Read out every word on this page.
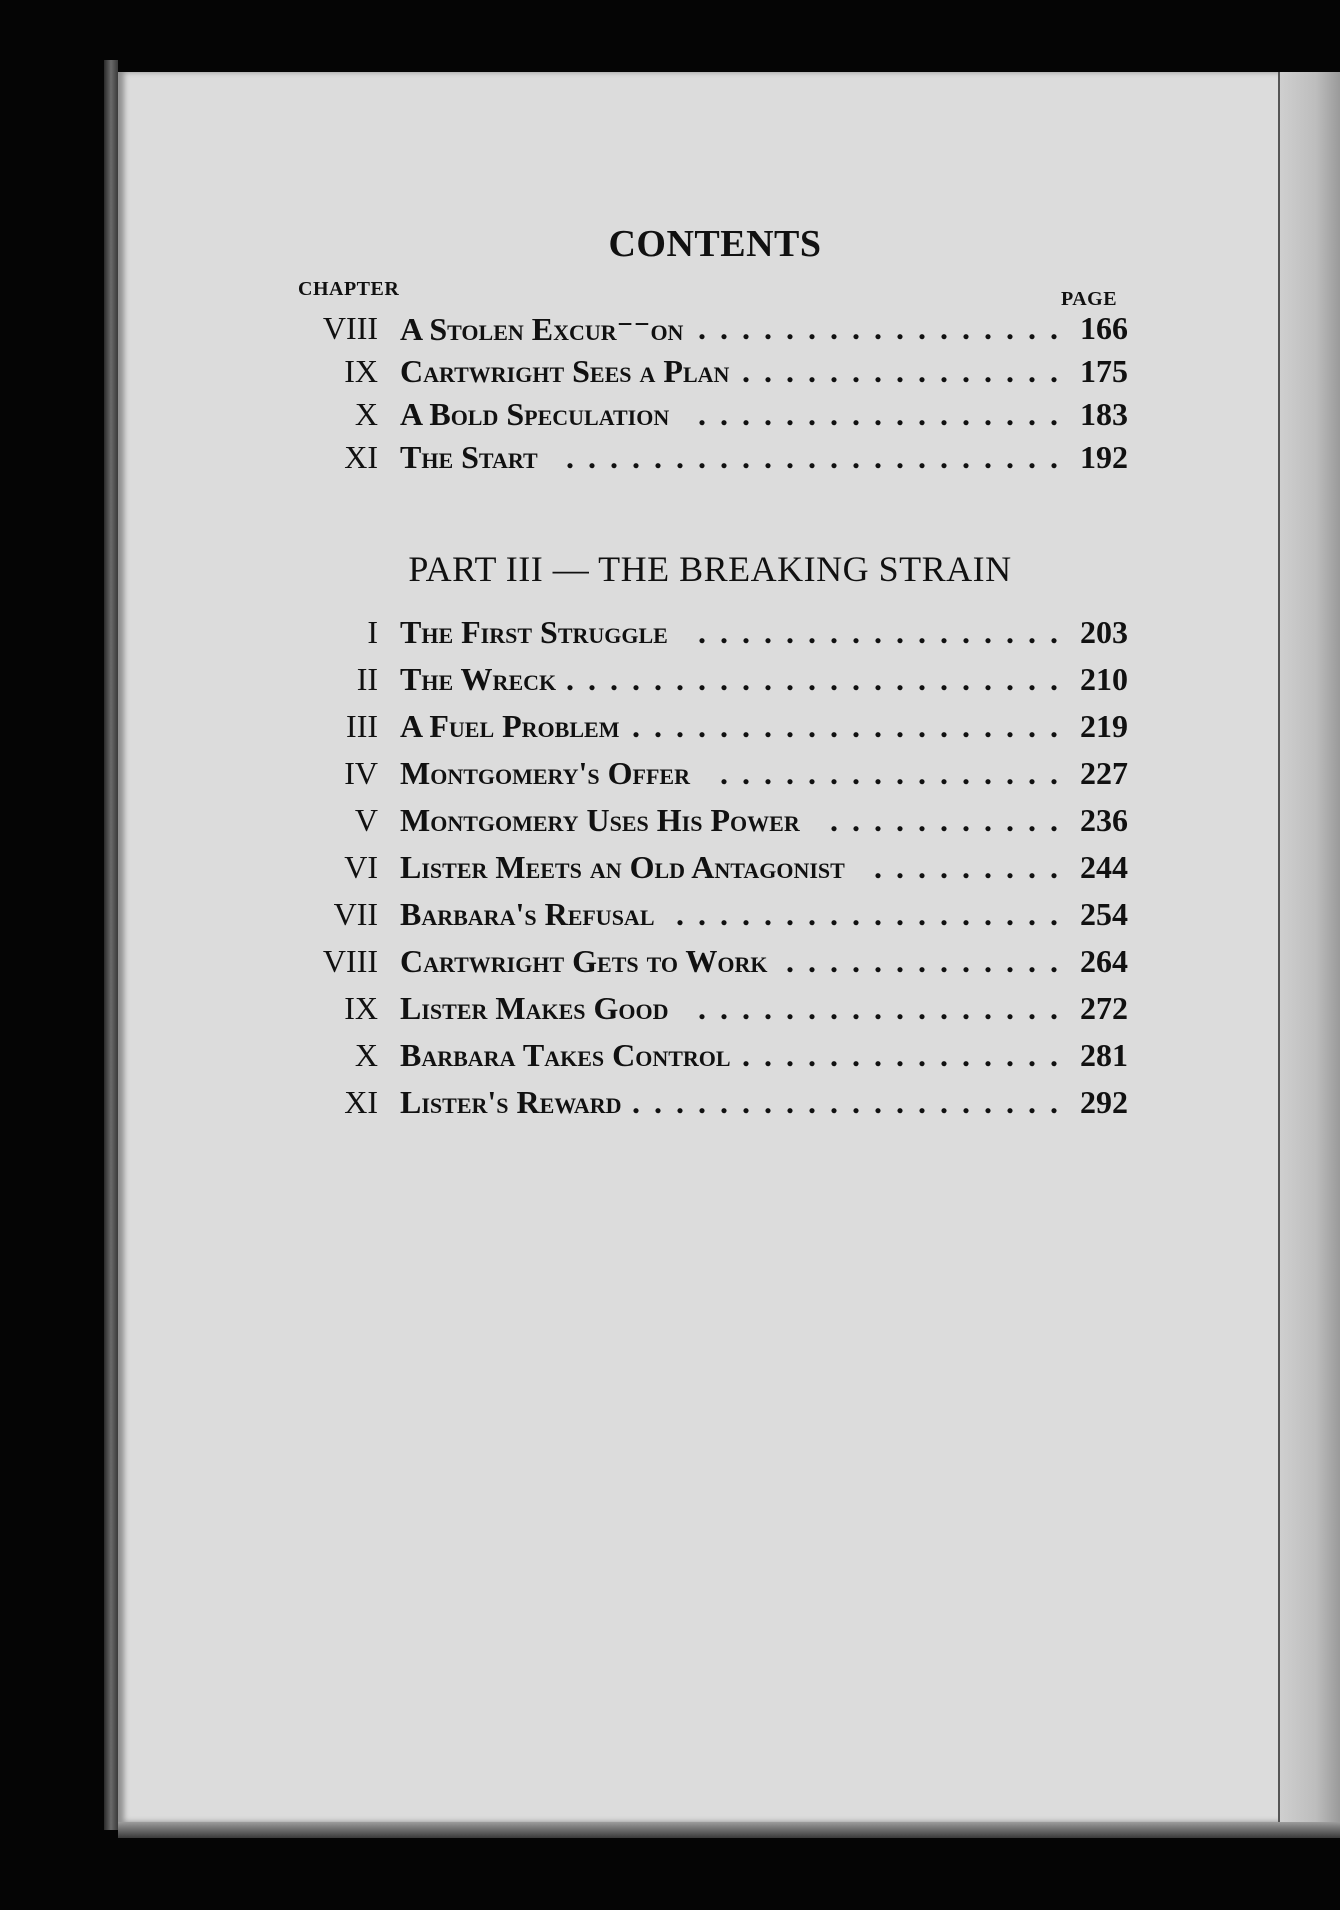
CONTENTS
CHAPTER	PAGE
VIII A Stolen Excur⁻⁻on ................. 166
IX Cartwright Sees a Plan ............... 175
X A Bold Speculation ................. 183
XI The Start ....................... 192
PART III — THE BREAKING STRAIN
I The First Struggle ................. 203
II The Wreck ....................... 210
III A Fuel Problem .................... 219
IV Montgomery's Offer ................ 227
V Montgomery Uses His Power ........... 236
VI Lister Meets an Old Antagonist ......... 244
VII Barbara's Refusal .................. 254
VIII Cartwright Gets to Work ............. 264
IX Lister Makes Good ................. 272
X Barbara Takes Control ............... 281
XI Lister's Reward .................... 292
